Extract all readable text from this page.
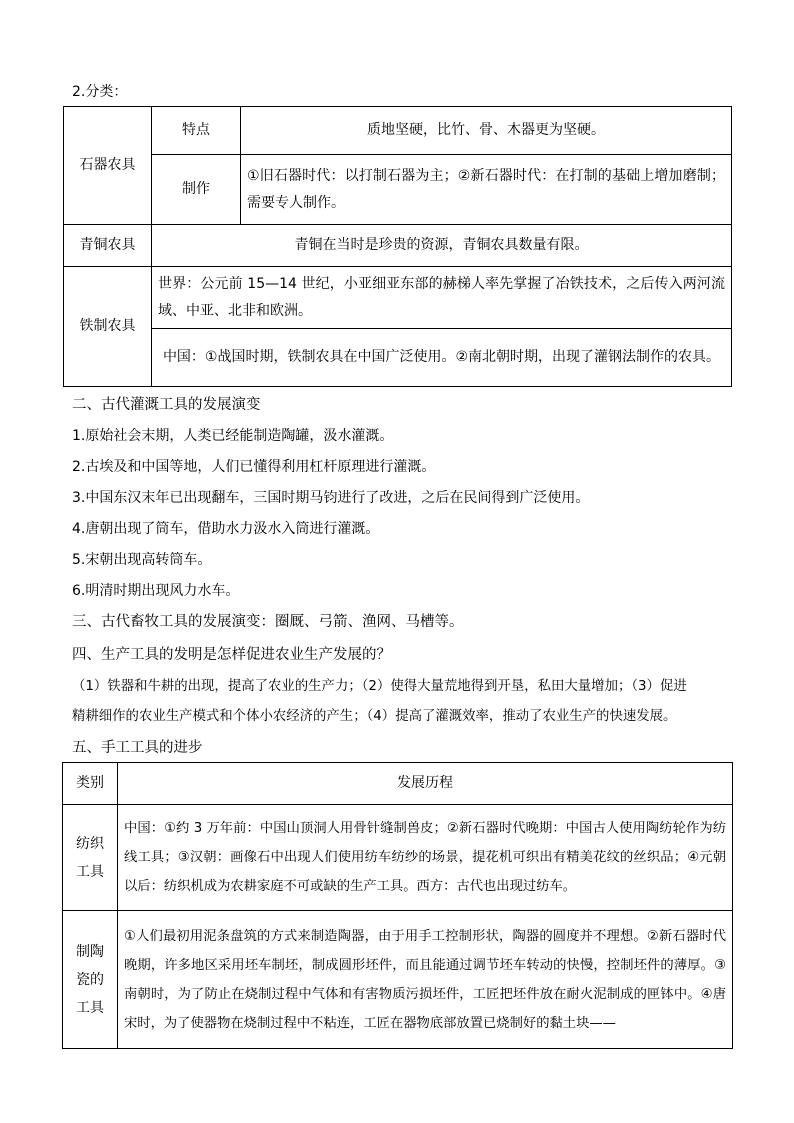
2.分类：
石器农具	特点	质地坚硬，比竹、骨、木器更为坚硬。
	制作	①旧石器时代：以打制石器为主；②新石器时代：在打制的基础上增加磨制；需要专人制作。
青铜农具	青铜在当时是珍贵的资源，青铜农具数量有限。	
铁制农具	世界：公元前 15—14 世纪，小亚细亚东部的赫梯人率先掌握了冶铁技术，之后传入两河流域、中亚、北非和欧洲。	
	中国：①战国时期，铁制农具在中国广泛使用。②南北朝时期，出现了灌钢法制作的农具。	
二、古代灌溉工具的发展演变
1.原始社会末期，人类已经能制造陶罐，汲水灌溉。
2.古埃及和中国等地，人们已懂得利用杠杆原理进行灌溉。
3.中国东汉末年已出现翻车，三国时期马钧进行了改进，之后在民间得到广泛使用。
4.唐朝出现了筒车，借助水力汲水入筒进行灌溉。
5.宋朝出现高转筒车。
6.明清时期出现风力水车。
三、古代畜牧工具的发展演变：圈厩、弓箭、渔网、马槽等。
四、生产工具的发明是怎样促进农业生产发展的？
（1）铁器和牛耕的出现，提高了农业的生产力；（2）使得大量荒地得到开垦，私田大量增加；（3）促进
精耕细作的农业生产模式和个体小农经济的产生；（4）提高了灌溉效率，推动了农业生产的快速发展。
五、手工工具的进步
类别	发展历程

纺织
工具	中国：①约 3 万年前：中国山顶洞人用骨针缝制兽皮；②新石器时代晚期：中国古人使用陶纺轮作为纺线工具；③汉朝：画像石中出现人们使用纺车纺纱的场景，提花机可织出有精美花纹的丝织品；④元朝以后：纺织机成为农耕家庭不可或缺的生产工具。西方：古代也出现过纺车。

制陶
瓷的
工具	①人们最初用泥条盘筑的方式来制造陶器，由于用手工控制形状，陶器的圆度并不理想。②新石器时代晚期，许多地区采用坯车制坯，制成圆形坯件，而且能通过调节坯车转动的快慢，控制坯件的薄厚。③南朝时，为了防止在烧制过程中气体和有害物质污损坯件，工匠把坯件放在耐火泥制成的匣钵中。④唐宋时，为了使器物在烧制过程中不粘连，工匠在器物底部放置已烧制好的黏土块——
